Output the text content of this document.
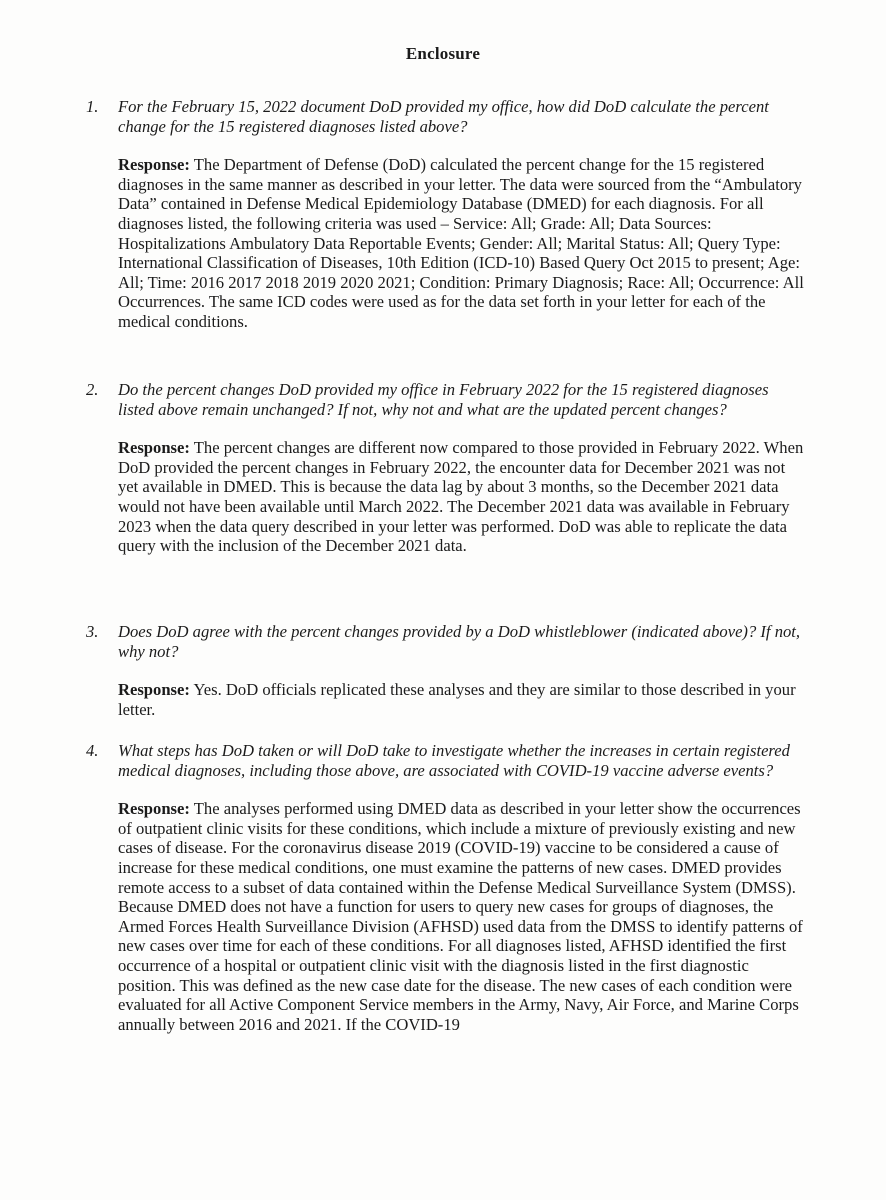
Enclosure
1. For the February 15, 2022 document DoD provided my office, how did DoD calculate the percent change for the 15 registered diagnoses listed above?
Response: The Department of Defense (DoD) calculated the percent change for the 15 registered diagnoses in the same manner as described in your letter. The data were sourced from the “Ambulatory Data” contained in Defense Medical Epidemiology Database (DMED) for each diagnosis. For all diagnoses listed, the following criteria was used – Service: All; Grade: All; Data Sources: Hospitalizations Ambulatory Data Reportable Events; Gender: All; Marital Status: All; Query Type: International Classification of Diseases, 10th Edition (ICD-10) Based Query Oct 2015 to present; Age: All; Time: 2016 2017 2018 2019 2020 2021; Condition: Primary Diagnosis; Race: All; Occurrence: All Occurrences. The same ICD codes were used as for the data set forth in your letter for each of the medical conditions.
2. Do the percent changes DoD provided my office in February 2022 for the 15 registered diagnoses listed above remain unchanged? If not, why not and what are the updated percent changes?
Response: The percent changes are different now compared to those provided in February 2022. When DoD provided the percent changes in February 2022, the encounter data for December 2021 was not yet available in DMED. This is because the data lag by about 3 months, so the December 2021 data would not have been available until March 2022. The December 2021 data was available in February 2023 when the data query described in your letter was performed. DoD was able to replicate the data query with the inclusion of the December 2021 data.
3. Does DoD agree with the percent changes provided by a DoD whistleblower (indicated above)? If not, why not?
Response: Yes. DoD officials replicated these analyses and they are similar to those described in your letter.
4. What steps has DoD taken or will DoD take to investigate whether the increases in certain registered medical diagnoses, including those above, are associated with COVID-19 vaccine adverse events?
Response: The analyses performed using DMED data as described in your letter show the occurrences of outpatient clinic visits for these conditions, which include a mixture of previously existing and new cases of disease. For the coronavirus disease 2019 (COVID-19) vaccine to be considered a cause of increase for these medical conditions, one must examine the patterns of new cases. DMED provides remote access to a subset of data contained within the Defense Medical Surveillance System (DMSS). Because DMED does not have a function for users to query new cases for groups of diagnoses, the Armed Forces Health Surveillance Division (AFHSD) used data from the DMSS to identify patterns of new cases over time for each of these conditions. For all diagnoses listed, AFHSD identified the first occurrence of a hospital or outpatient clinic visit with the diagnosis listed in the first diagnostic position. This was defined as the new case date for the disease. The new cases of each condition were evaluated for all Active Component Service members in the Army, Navy, Air Force, and Marine Corps annually between 2016 and 2021. If the COVID-19
